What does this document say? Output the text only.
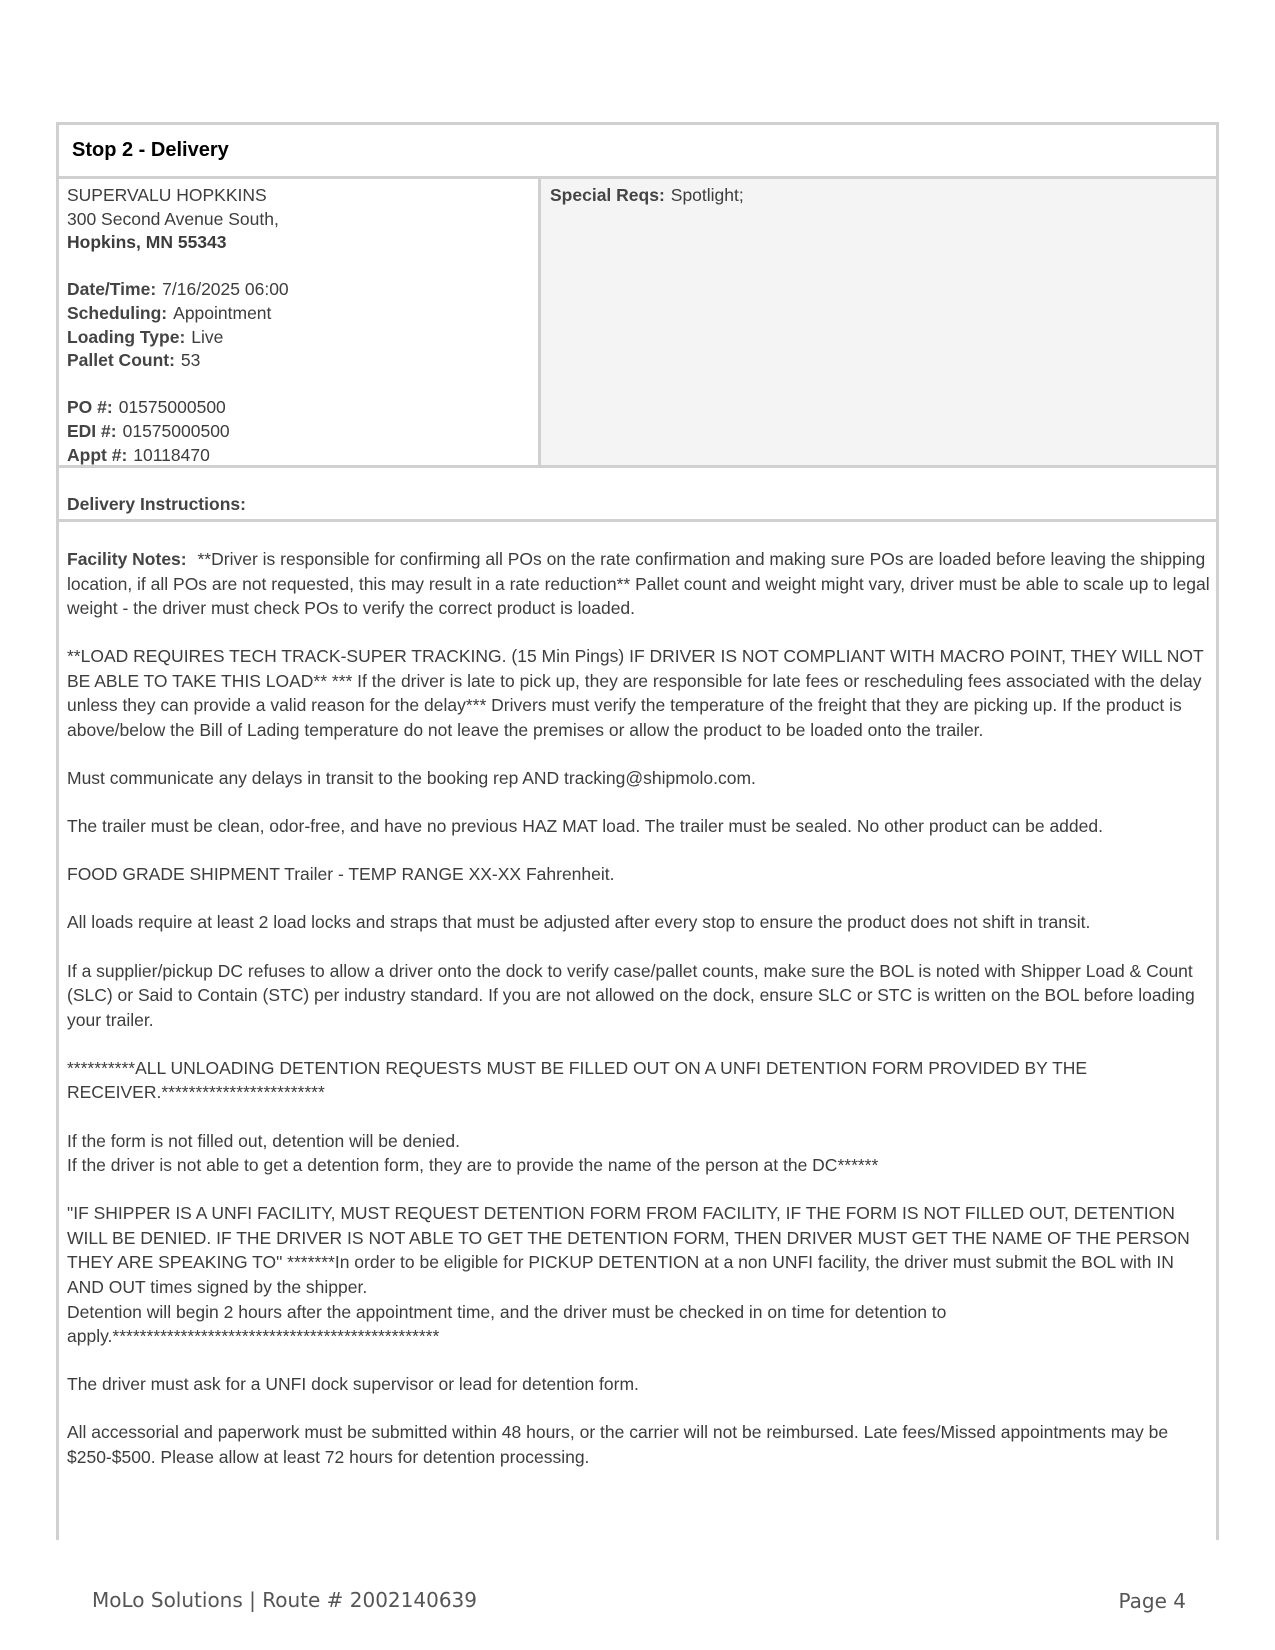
Stop 2 - Delivery
SUPERVALU HOPKKINS
300 Second Avenue South,
Hopkins, MN 55343
Date/Time: 7/16/2025 06:00
Scheduling: Appointment
Loading Type: Live
Pallet Count: 53
PO #: 01575000500
EDI #: 01575000500
Appt #: 10118470
Special Reqs: Spotlight;
Delivery Instructions:

Facility Notes: **Driver is responsible for confirming all POs on the rate confirmation and making sure POs are loaded before leaving the shipping location, if all POs are not requested, this may result in a rate reduction** Pallet count and weight might vary, driver must be able to scale up to legal weight - the driver must check POs to verify the correct product is loaded.

**LOAD REQUIRES TECH TRACK-SUPER TRACKING. (15 Min Pings) IF DRIVER IS NOT COMPLIANT WITH MACRO POINT, THEY WILL NOT BE ABLE TO TAKE THIS LOAD** *** If the driver is late to pick up, they are responsible for late fees or rescheduling fees associated with the delay unless they can provide a valid reason for the delay*** Drivers must verify the temperature of the freight that they are picking up. If the product is above/below the Bill of Lading temperature do not leave the premises or allow the product to be loaded onto the trailer.

Must communicate any delays in transit to the booking rep AND tracking@shipmolo.com.

The trailer must be clean, odor-free, and have no previous HAZ MAT load. The trailer must be sealed. No other product can be added.

FOOD GRADE SHIPMENT Trailer - TEMP RANGE XX-XX Fahrenheit.

All loads require at least 2 load locks and straps that must be adjusted after every stop to ensure the product does not shift in transit.

If a supplier/pickup DC refuses to allow a driver onto the dock to verify case/pallet counts, make sure the BOL is noted with Shipper Load & Count (SLC) or Said to Contain (STC) per industry standard. If you are not allowed on the dock, ensure SLC or STC is written on the BOL before loading your trailer.

**********ALL UNLOADING DETENTION REQUESTS MUST BE FILLED OUT ON A UNFI DETENTION FORM PROVIDED BY THE RECEIVER.************************

If the form is not filled out, detention will be denied.
If the driver is not able to get a detention form, they are to provide the name of the person at the DC******

"IF SHIPPER IS A UNFI FACILITY, MUST REQUEST DETENTION FORM FROM FACILITY, IF THE FORM IS NOT FILLED OUT, DETENTION WILL BE DENIED. IF THE DRIVER IS NOT ABLE TO GET THE DETENTION FORM, THEN DRIVER MUST GET THE NAME OF THE PERSON THEY ARE SPEAKING TO" *******In order to be eligible for PICKUP DETENTION at a non UNFI facility, the driver must submit the BOL with IN AND OUT times signed by the shipper.
Detention will begin 2 hours after the appointment time, and the driver must be checked in on time for detention to apply.************************************************

The driver must ask for a UNFI dock supervisor or lead for detention form.

All accessorial and paperwork must be submitted within 48 hours, or the carrier will not be reimbursed. Late fees/Missed appointments may be $250-$500. Please allow at least 72 hours for detention processing.

MoLo Solutions | Route # 2002140639	Page 4
